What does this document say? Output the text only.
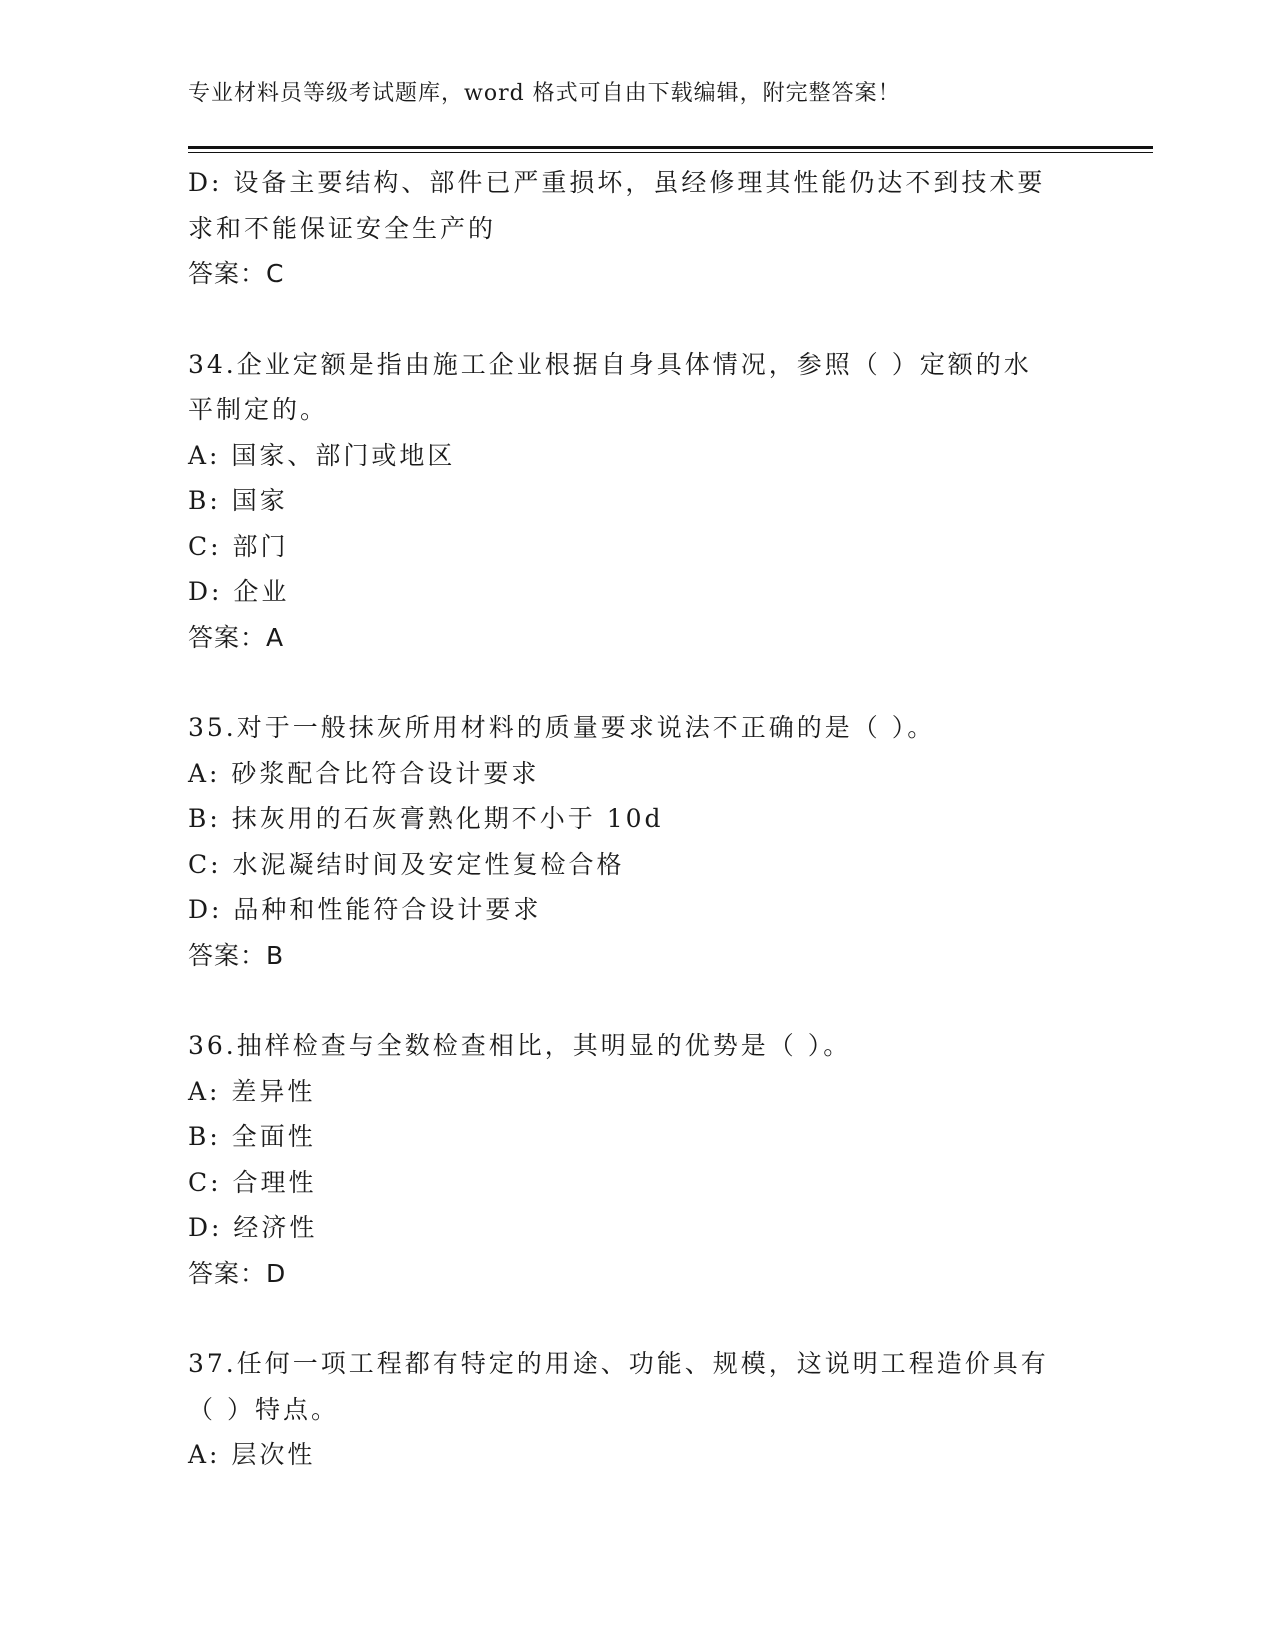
专业材料员等级考试题库，word 格式可自由下载编辑，附完整答案！
D: 设备主要结构、部件已严重损坏，虽经修理其性能仍达不到技术要
求和不能保证安全生产的
答案：C
34.企业定额是指由施工企业根据自身具体情况，参照（ ）定额的水
平制定的。
A: 国家、部门或地区
B: 国家
C: 部门
D: 企业
答案：A
35.对于一般抹灰所用材料的质量要求说法不正确的是（ ）。
A: 砂浆配合比符合设计要求
B: 抹灰用的石灰膏熟化期不小于 10d
C: 水泥凝结时间及安定性复检合格
D: 品种和性能符合设计要求
答案：B
36.抽样检查与全数检查相比，其明显的优势是（ ）。
A: 差异性
B: 全面性
C: 合理性
D: 经济性
答案：D
37.任何一项工程都有特定的用途、功能、规模，这说明工程造价具有
（ ）特点。
A: 层次性
